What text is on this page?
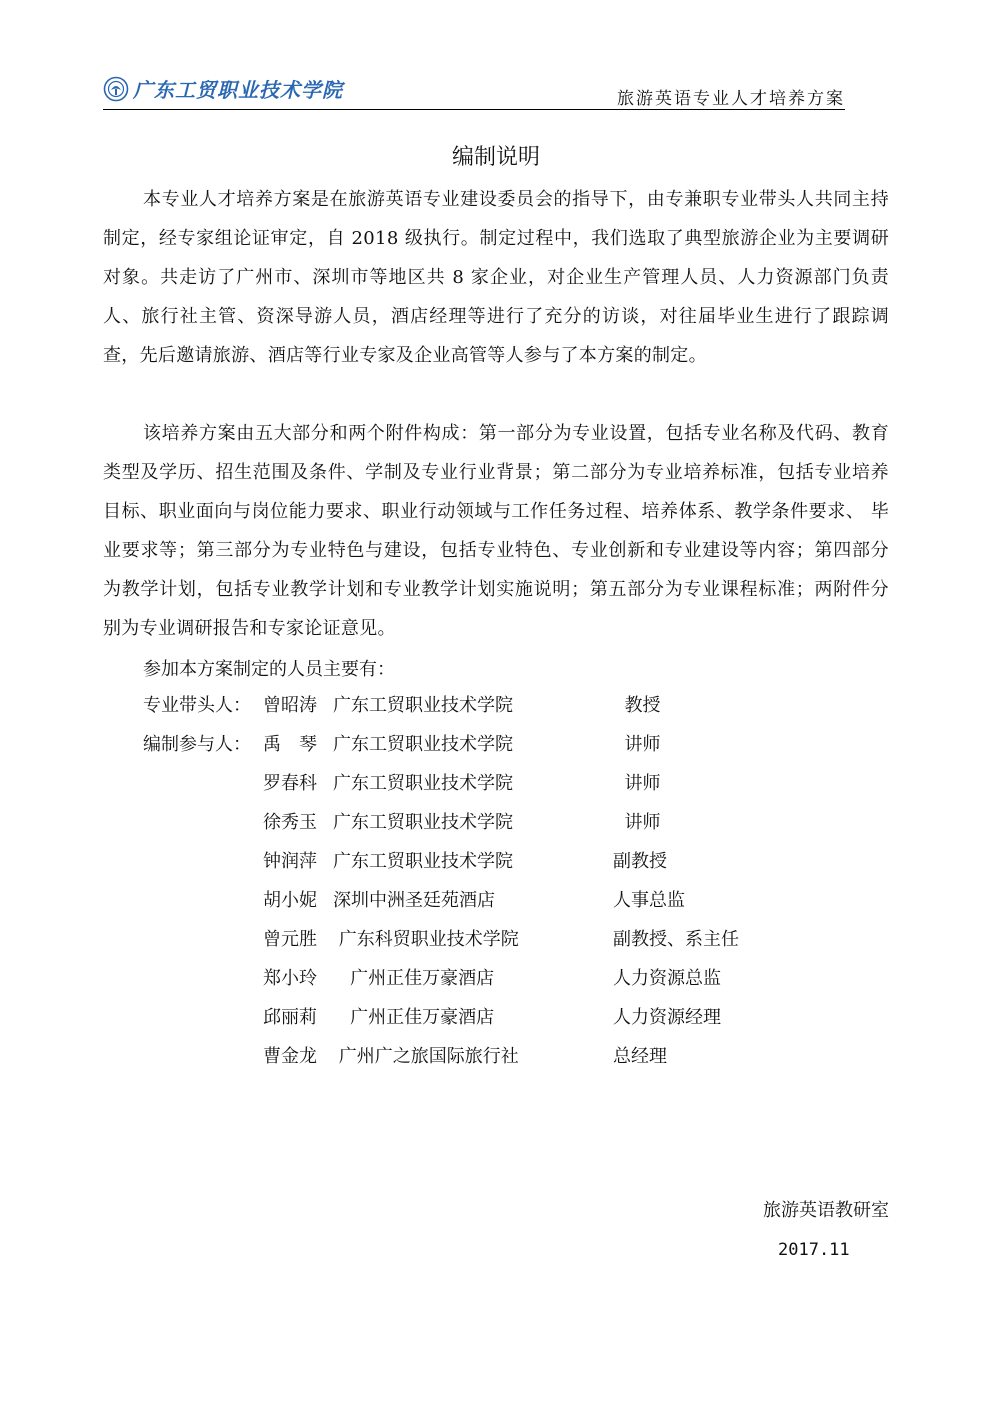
广东工贸职业技术学院	旅游英语专业人才培养方案
编制说明

本专业人才培养方案是在旅游英语专业建设委员会的指导下，由专兼职专业带头人共同主持制定，经专家组论证审定，自 2018 级执行。制定过程中，我们选取了典型旅游企业为主要调研对象。共走访了广州市、深圳市等地区共 8 家企业，对企业生产管理人员、人力资源部门负责人、旅行社主管、资深导游人员，酒店经理等进行了充分的访谈，对往届毕业生进行了跟踪调查，先后邀请旅游、酒店等行业专家及企业高管等人参与了本方案的制定。

该培养方案由五大部分和两个附件构成：第一部分为专业设置，包括专业名称及代码、教育类型及学历、招生范围及条件、学制及专业行业背景；第二部分为专业培养标准，包括专业培养目标、职业面向与岗位能力要求、职业行动领域与工作任务过程、培养体系、教学条件要求、 毕业要求等；第三部分为专业特色与建设，包括专业特色、专业创新和专业建设等内容；第四部分为教学计划，包括专业教学计划和专业教学计划实施说明；第五部分为专业课程标准；两附件分别为专业调研报告和专家论证意见。

参加本方案制定的人员主要有：
专业带头人： 曾昭涛 广东工贸职业技术学院	教授
编制参与人： 禹　琴 广东工贸职业技术学院	讲师
罗春科 广东工贸职业技术学院	讲师
徐秀玉 广东工贸职业技术学院	讲师
钟润萍 广东工贸职业技术学院	副教授
胡小妮 深圳中洲圣廷苑酒店	人事总监
曾元胜 广东科贸职业技术学院	副教授、系主任
郑小玲 广州正佳万豪酒店	人力资源总监
邱丽莉 广州正佳万豪酒店	人力资源经理
曹金龙 广州广之旅国际旅行社	总经理
旅游英语教研室
2017.11
